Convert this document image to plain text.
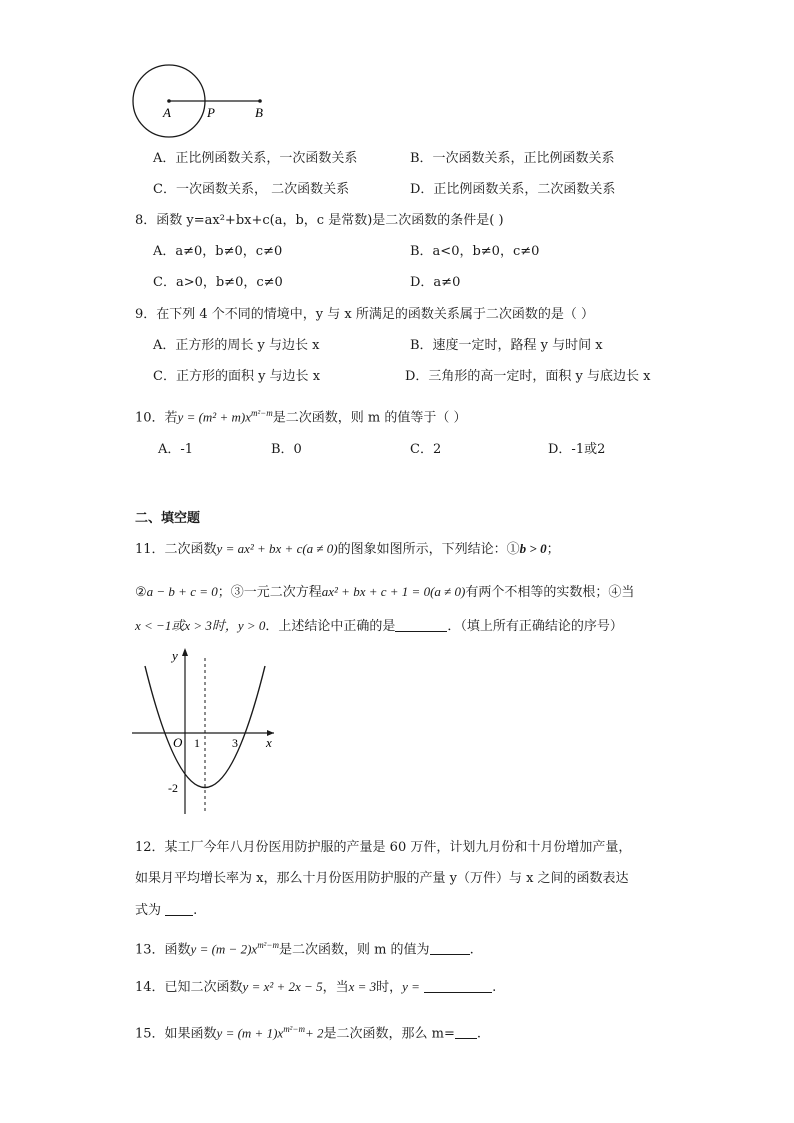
A	P	B
A．正比例函数关系，一次函数关系	B．一次函数关系，正比例函数关系
C．一次函数关系， 二次函数关系	D．正比例函数关系，二次函数关系
8．函数 y=ax²+bx+c(a，b，c 是常数)是二次函数的条件是( )
A．a≠0，b≠0，c≠0	B．a<0，b≠0，c≠0
C．a>0，b≠0，c≠0	D．a≠0
9．在下列 4 个不同的情境中，y 与 x 所满足的函数关系属于二次函数的是（ ）
A．正方形的周长 y 与边长 x	B．速度一定时，路程 y 与时间 x
C．正方形的面积 y 与边长 x	D．三角形的高一定时，面积 y 与底边长 x
10．若$y = (m^2 + m)x^{m^2-m}$是二次函数，则 m 的值等于（ ）
A．-1	B．0	C．2	D．-1或2
二、填空题
11．二次函数y = ax² + bx + c(a ≠ 0)的图象如图所示，下列结论：①b > 0；
②a − b + c = 0；③一元二次方程ax² + bx + c + 1 = 0(a ≠ 0)有两个不相等的实数根；④当
x < −1或x > 3时，y > 0．上述结论中正确的是	．（填上所有正确结论的序号）
y
x
O 1	3
-2
12．某工厂今年八月份医用防护服的产量是 60 万件，计划九月份和十月份增加产量，
如果月平均增长率为 x，那么十月份医用防护服的产量 y（万件）与 x 之间的函数表达
式为 .
13．函数$y = (m - 2)x^{m^2-m}$是二次函数，则 m 的值为	.
14．已知二次函数y = x² + 2x − 5，当x = 3时，y =	.
15．如果函数$y = (m + 1)x^{m^2-m}+ 2$是二次函数，那么 m= .
